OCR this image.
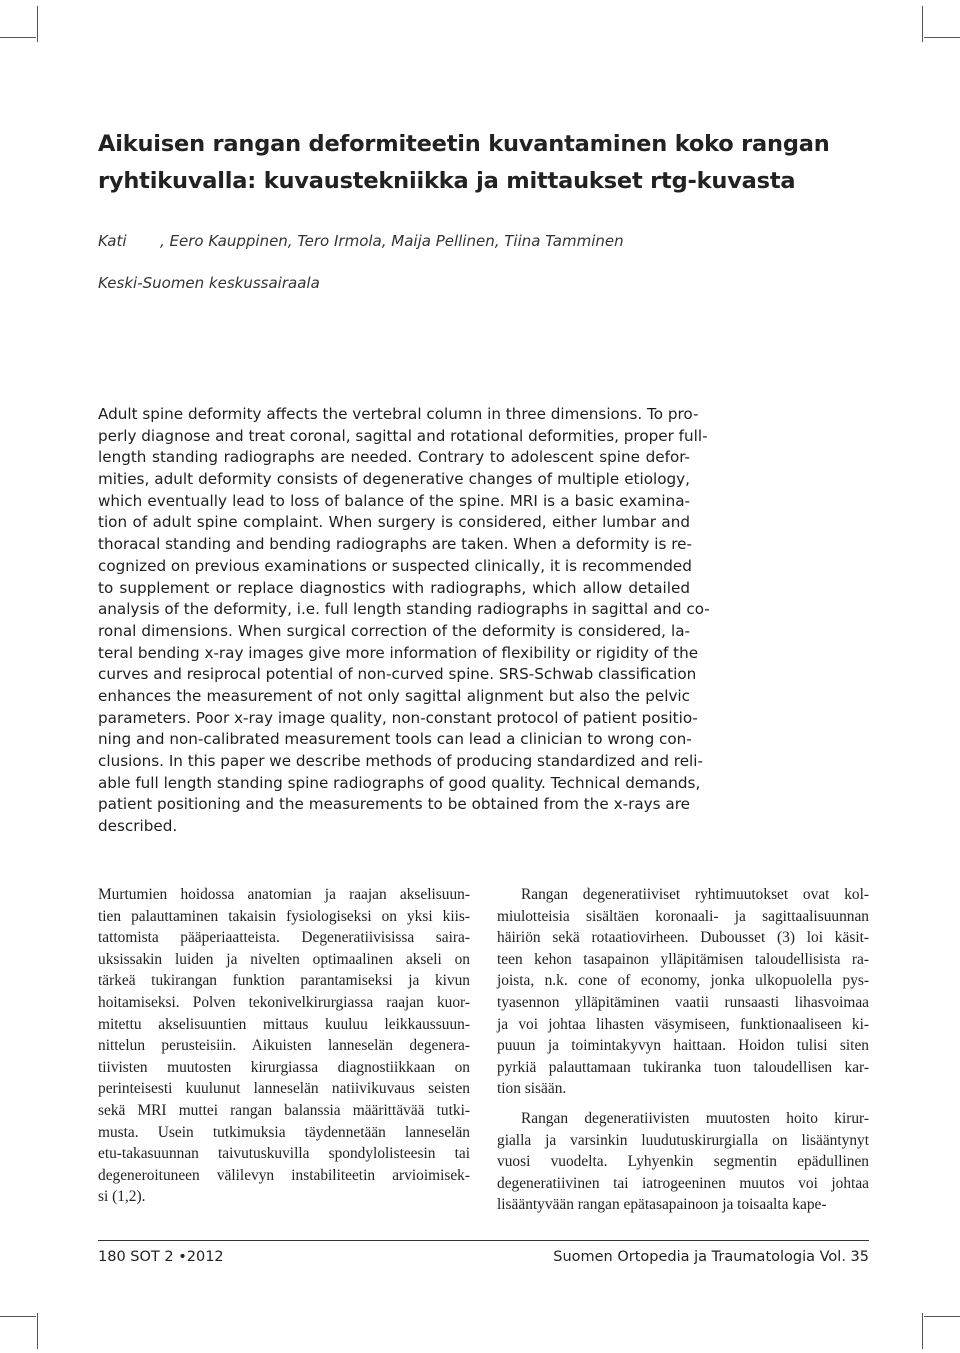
Aikuisen rangan deformiteetin kuvantaminen koko rangan
ryhtikuvalla: kuvaustekniikka ja mittaukset rtg-kuvasta
Kati , Eero Kauppinen, Tero Irmola, Maija Pellinen, Tiina Tamminen
Keski-Suomen keskussairaala
Adult spine deformity affects the vertebral column in three dimensions. To pro-
perly diagnose and treat coronal, sagittal and rotational deformities, proper full-
length standing radiographs are needed. Contrary to adolescent spine defor-
mities, adult deformity consists of degenerative changes of multiple etiology,
which eventually lead to loss of balance of the spine. MRI is a basic examina-
tion of adult spine complaint. When surgery is considered, either lumbar and
thoracal standing and bending radiographs are taken. When a deformity is re-
cognized on previous examinations or suspected clinically, it is recommended
to supplement or replace diagnostics with radiographs, which allow detailed
analysis of the deformity, i.e. full length standing radiographs in sagittal and co-
ronal dimensions. When surgical correction of the deformity is considered, la-
teral bending x-ray images give more information of flexibility or rigidity of the
curves and resiprocal potential of non-curved spine. SRS-Schwab classification
enhances the measurement of not only sagittal alignment but also the pelvic
parameters. Poor x-ray image quality, non-constant protocol of patient positio-
ning and non-calibrated measurement tools can lead a clinician to wrong con-
clusions. In this paper we describe methods of producing standardized and reli-
able full length standing spine radiographs of good quality. Technical demands,
patient positioning and the measurements to be obtained from the x-rays are
described.
Murtumien hoidossa anatomian ja raajan akselisuun-
tien palauttaminen takaisin fysiologiseksi on yksi kiis-
tattomista pääperiaatteista. Degeneratiivisissa saira-
uksissakin luiden ja nivelten optimaalinen akseli on
tärkeä tukirangan funktion parantamiseksi ja kivun
hoitamiseksi. Polven tekonivelkirurgiassa raajan kuor-
mitettu akselisuuntien mittaus kuuluu leikkaussuun-
nittelun perusteisiin. Aikuisten lanneselän degenera-
tiivisten muutosten kirurgiassa diagnostiikkaan on
perinteisesti kuulunut lanneselän natiivikuvaus seisten
sekä MRI muttei rangan balanssia määrittävää tutki-
musta. Usein tutkimuksia täydennetään lanneselän
etu-takasuunnan taivutuskuvilla spondylolisteesin tai
degeneroituneen välilevyn instabiliteetin arvioimisek-
si (1,2).
Rangan degeneratiiviset ryhtimuutokset ovat kol-
miulotteisia sisältäen koronaali- ja sagittaalisuunnan
häiriön sekä rotaatiovirheen. Dubousset (3) loi käsit-
teen kehon tasapainon ylläpitämisen taloudellisista ra-
joista, n.k. cone of economy, jonka ulkopuolella pys-
tyasennon ylläpitäminen vaatii runsaasti lihasvoimaa
ja voi johtaa lihasten väsymiseen, funktionaaliseen ki-
puuun ja toimintakyvyn haittaan. Hoidon tulisi siten
pyrkiä palauttamaan tukiranka tuon taloudellisen kar-
tion sisään.
Rangan degeneratiivisten muutosten hoito kirur-
gialla ja varsinkin luudutuskirurgialla on lisääntynyt
vuosi vuodelta. Lyhyenkin segmentin epädullinen
degeneratiivinen tai iatrogeeninen muutos voi johtaa
lisääntyvään rangan epätasapainoon ja toisaalta kape-
180 SOT 2 •2012	Suomen Ortopedia ja Traumatologia Vol. 35
